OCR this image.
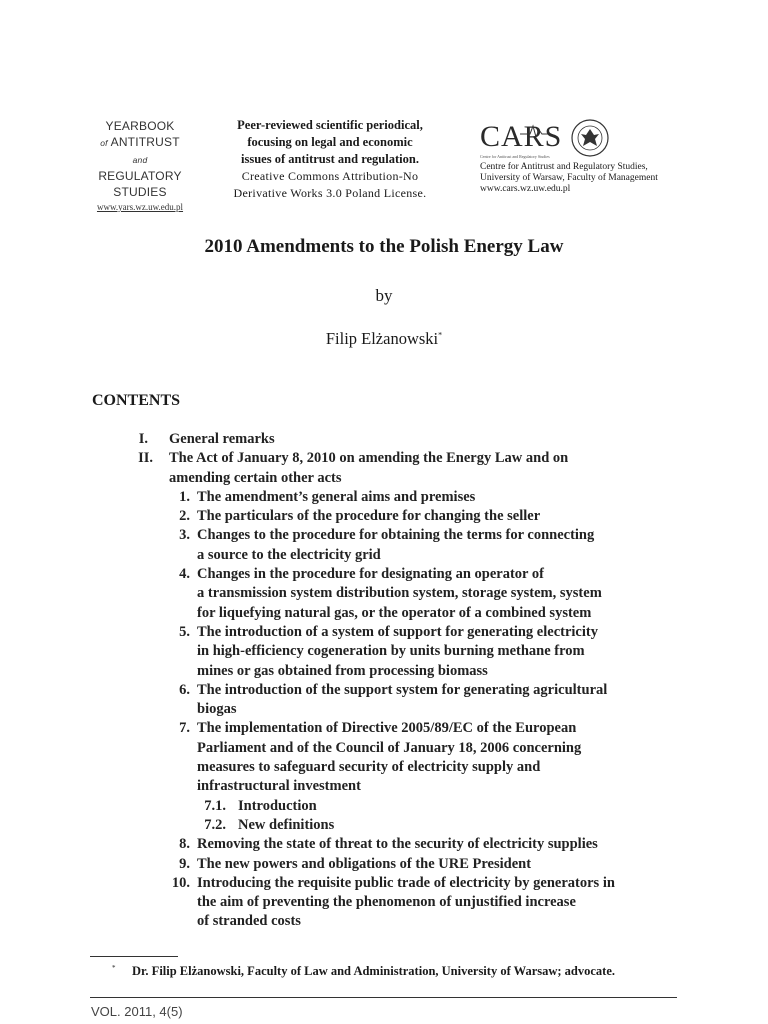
YEARBOOK
of ANTITRUST
and REGULATORY
STUDIES
www.yars.wz.uw.edu.pl
Peer-reviewed scientific periodical,
focusing on legal and economic
issues of antitrust and regulation.
Creative Commons Attribution-No
Derivative Works 3.0 Poland License.
CARS
Centre for Antitrust and Regulatory Studies
Centre for Antitrust and Regulatory Studies,
University of Warsaw, Faculty of Management
www.cars.wz.uw.edu.pl
2010 Amendments to the Polish Energy Law
by
Filip Elżanowski*
CONTENTS
I. General remarks
II. The Act of January 8, 2010 on amending the Energy Law and on
amending certain other acts
1. The amendment’s general aims and premises
2. The particulars of the procedure for changing the seller
3. Changes to the procedure for obtaining the terms for connecting
a source to the electricity grid
4. Changes in the procedure for designating an operator of
a transmission system distribution system, storage system, system
for liquefying natural gas, or the operator of a combined system
5. The introduction of a system of support for generating electricity
in high-efficiency cogeneration by units burning methane from
mines or gas obtained from processing biomass
6. The introduction of the support system for generating agricultural
biogas
7. The implementation of Directive 2005/89/EC of the European
Parliament and of the Council of January 18, 2006 concerning
measures to safeguard security of electricity supply and
infrastructural investment
7.1. Introduction
7.2. New definitions
8. Removing the state of threat to the security of electricity supplies
9. The new powers and obligations of the URE President
10. Introducing the requisite public trade of electricity by generators in
the aim of preventing the phenomenon of unjustified increase
of stranded costs
* Dr. Filip Elżanowski, Faculty of Law and Administration, University of Warsaw; advocate.
VOL. 2011, 4(5)
